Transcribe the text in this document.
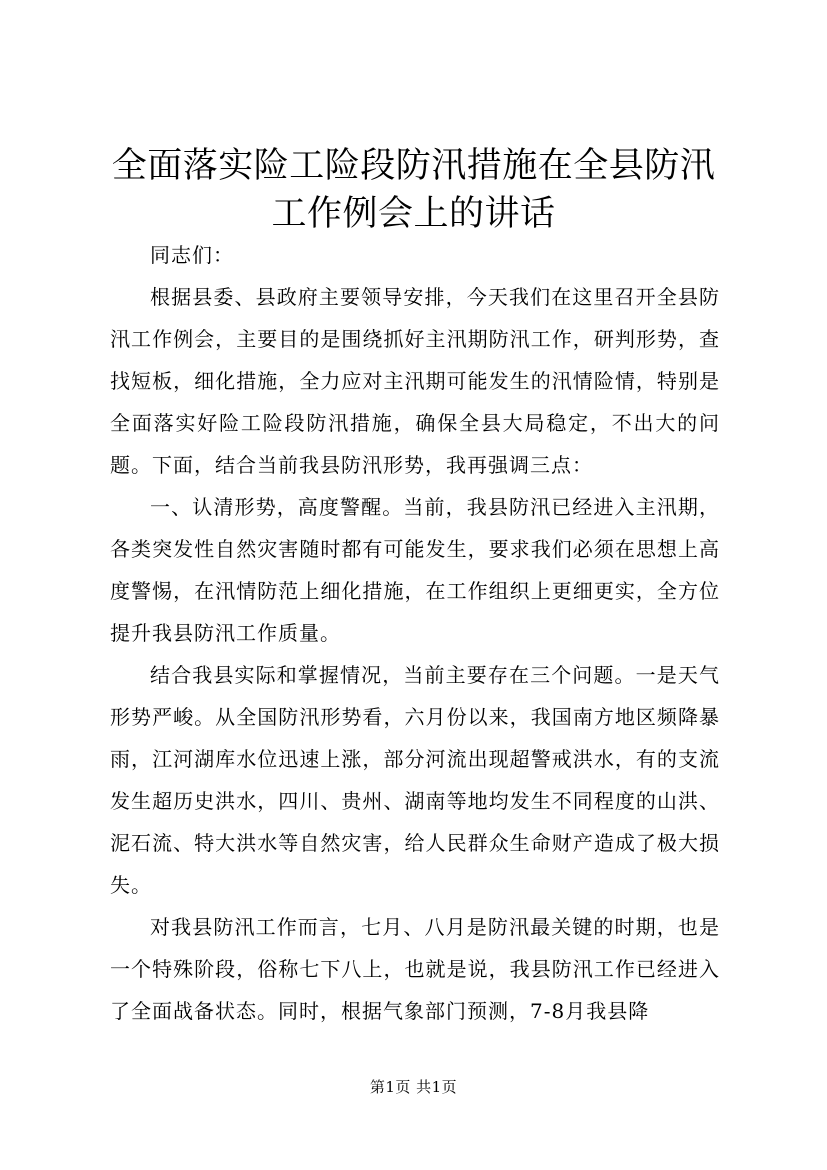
全面落实险工险段防汛措施在全县防汛工作例会上的讲话

同志们：

根据县委、县政府主要领导安排，今天我们在这里召开全县防汛工作例会，主要目的是围绕抓好主汛期防汛工作，研判形势，查找短板，细化措施，全力应对主汛期可能发生的汛情险情，特别是全面落实好险工险段防汛措施，确保全县大局稳定，不出大的问题。下面，结合当前我县防汛形势，我再强调三点：

一、认清形势，高度警醒。当前，我县防汛已经进入主汛期，各类突发性自然灾害随时都有可能发生，要求我们必须在思想上高度警惕，在汛情防范上细化措施，在工作组织上更细更实，全方位提升我县防汛工作质量。

结合我县实际和掌握情况，当前主要存在三个问题。一是天气形势严峻。从全国防汛形势看，六月份以来，我国南方地区频降暴雨，江河湖库水位迅速上涨，部分河流出现超警戒洪水，有的支流发生超历史洪水，四川、贵州、湖南等地均发生不同程度的山洪、泥石流、特大洪水等自然灾害，给人民群众生命财产造成了极大损失。

对我县防汛工作而言，七月、八月是防汛最关键的时期，也是一个特殊阶段，俗称七下八上，也就是说，我县防汛工作已经进入了全面战备状态。同时，根据气象部门预测，7-8月我县降

第1页 共1页
